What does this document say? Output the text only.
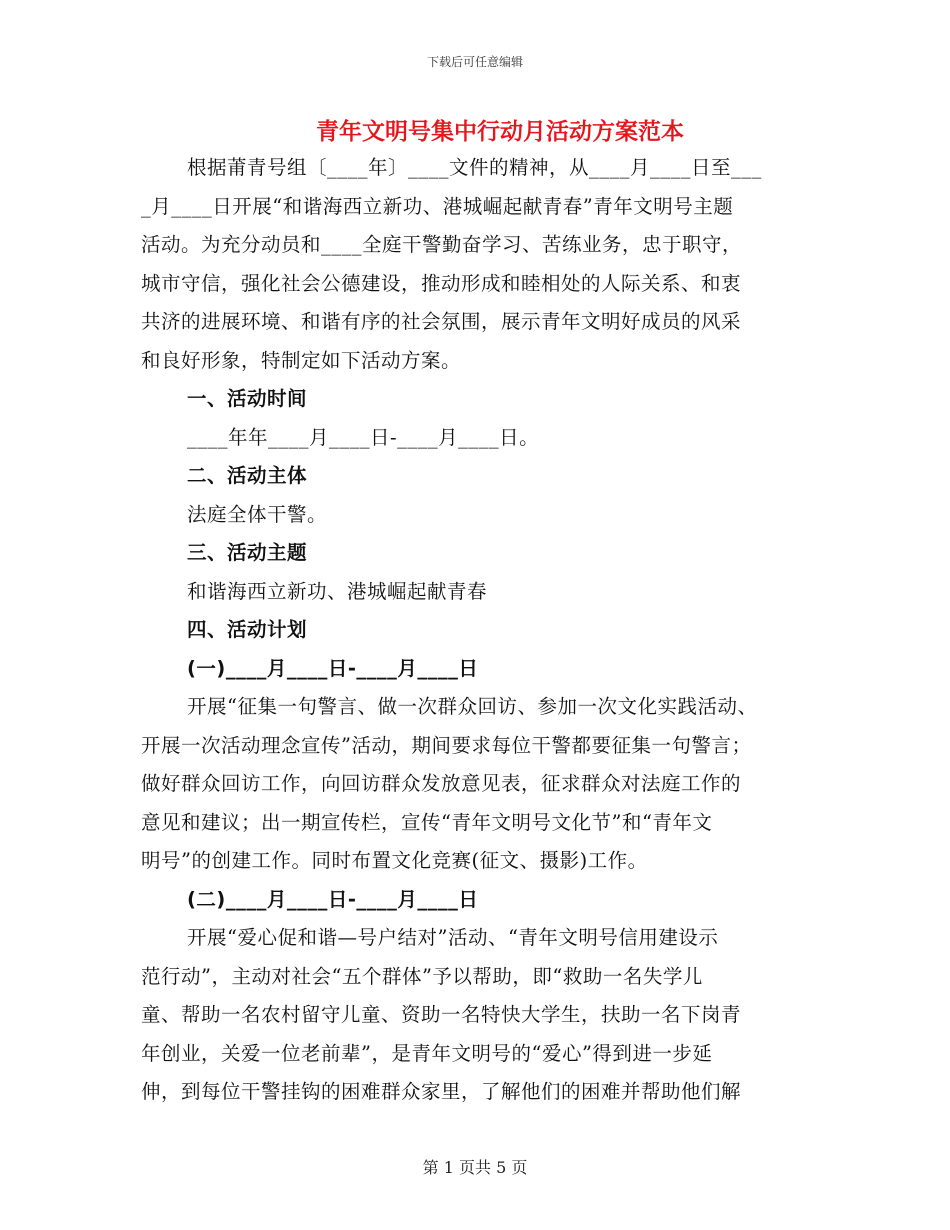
下载后可任意编辑
青年文明号集中行动月活动方案范本

根据莆青号组〔____年〕____文件的精神，从____月____日至___

_月____日开展“和谐海西立新功、港城崛起献青春”青年文明号主题

活动。为充分动员和____全庭干警勤奋学习、苦练业务，忠于职守，

城市守信，强化社会公德建设，推动形成和睦相处的人际关系、和衷

共济的进展环境、和谐有序的社会氛围，展示青年文明好成员的风采

和良好形象，特制定如下活动方案。

一、活动时间

____年年____月____日-____月____日。

二、活动主体

法庭全体干警。

三、活动主题

和谐海西立新功、港城崛起献青春

四、活动计划

(一)____月____日-____月____日

开展“征集一句警言、做一次群众回访、参加一次文化实践活动、

开展一次活动理念宣传”活动，期间要求每位干警都要征集一句警言；

做好群众回访工作，向回访群众发放意见表，征求群众对法庭工作的

意见和建议；出一期宣传栏，宣传“青年文明号文化节”和“青年文

明号”的创建工作。同时布置文化竞赛(征文、摄影)工作。

(二)____月____日-____月____日

开展“爱心促和谐—号户结对”活动、“青年文明号信用建设示

范行动”，主动对社会“五个群体”予以帮助，即“救助一名失学儿

童、帮助一名农村留守儿童、资助一名特快大学生，扶助一名下岗青

年创业，关爱一位老前辈”，是青年文明号的“爱心”得到进一步延

伸，到每位干警挂钩的困难群众家里，了解他们的困难并帮助他们解

第 1 页共 5 页
